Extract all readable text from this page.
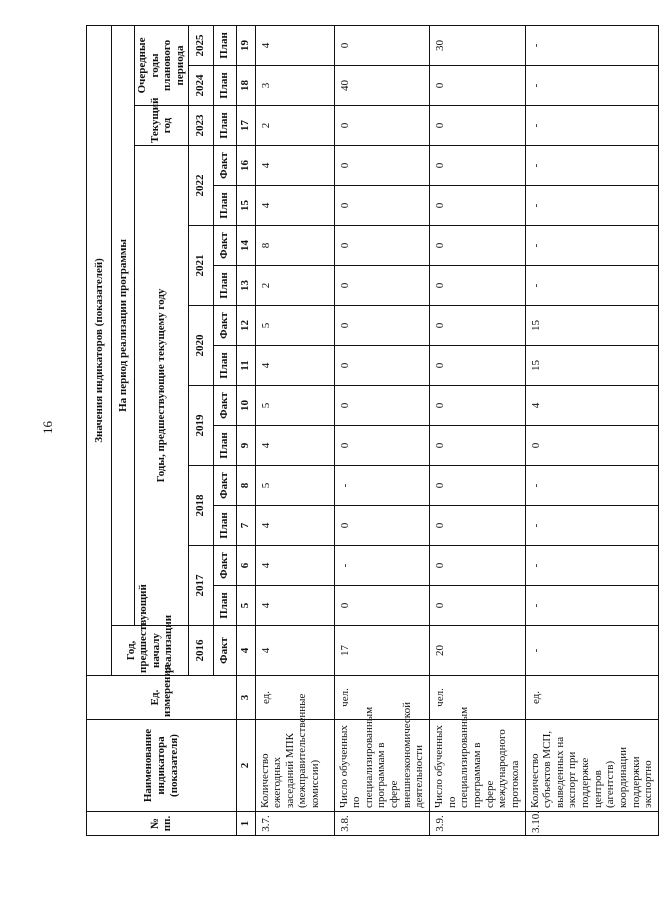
16
№ пп.	Наименование индикатора (показателя)	Ед. измерения	Значения индикаторов (показателей)															
			Год, предшествующий началу реализации	На период реализации программы														
				Годы, предшествующие текущему году												Текущий год	Очередные годы планового периода	
			2016	2017		2018		2019		2020		2021		2022		2023	2024	2025
			Факт	План	Факт	План	Факт	План	Факт	План	Факт	План	Факт	План	Факт	План	План	План
1	2	3	4	5	6	7	8	9	10	11	12	13	14	15	16	17	18	19
3.7.	Количество ежегодных заседаний МПК (межправительственные комиссии)	ед.	4	4	4	4	5	4	5	4	5	2	8	4	4	2	3	4
3.8.	Число обученных по специализированным программам в сфере внешнеэкономической деятельности	чел.	17	0	-	0	-	0	0	0	0	0	0	0	0	0	40	0
3.9.	Число обученных по специализированным программам в сфере международного протокола	чел.	20	0	0	0	0	0	0	0	0	0	0	0	0	0	0	30
3.10.	Количество субъектов МСП, выведенных на экспорт при поддержке центров (агентств) координации поддержки экспортно	ед.	-	-	-	-	-	0	4	15	15	-	-	-	-	-	-	-
